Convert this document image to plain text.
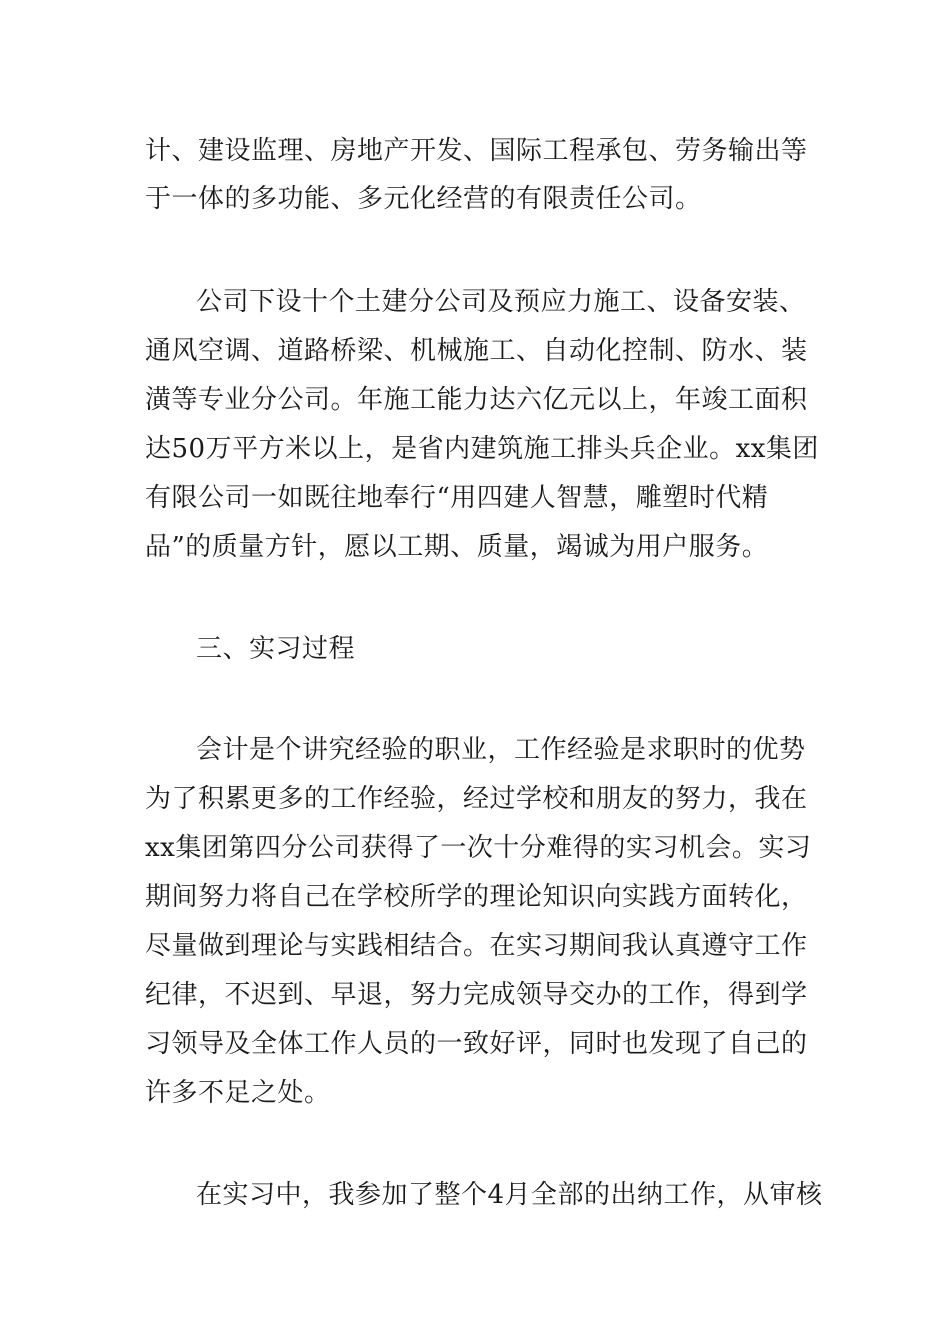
计、建设监理、房地产开发、国际工程承包、劳务输出等
于一体的多功能、多元化经营的有限责任公司。
公司下设十个土建分公司及预应力施工、设备安装、
通风空调、道路桥梁、机械施工、自动化控制、防水、装
潢等专业分公司。年施工能力达六亿元以上，年竣工面积
达50万平方米以上，是省内建筑施工排头兵企业。xx集团
有限公司一如既往地奉行“用四建人智慧，雕塑时代精
品”的质量方针，愿以工期、质量，竭诚为用户服务。
三、实习过程
会计是个讲究经验的职业，工作经验是求职时的优势
为了积累更多的工作经验，经过学校和朋友的努力，我在
xx集团第四分公司获得了一次十分难得的实习机会。实习
期间努力将自己在学校所学的理论知识向实践方面转化，
尽量做到理论与实践相结合。在实习期间我认真遵守工作
纪律，不迟到、早退，努力完成领导交办的工作，得到学
习领导及全体工作人员的一致好评，同时也发现了自己的
许多不足之处。
在实习中，我参加了整个4月全部的出纳工作，从审核
